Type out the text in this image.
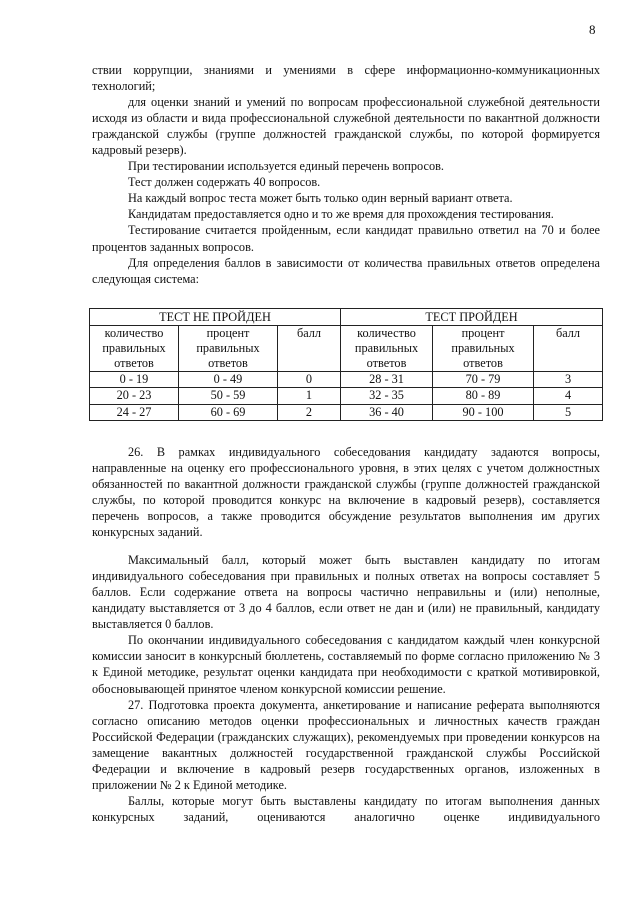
8

ствии коррупции, знаниями и умениями в сфере информационно-коммуникационных технологий;

для оценки знаний и умений по вопросам профессиональной служебной деятельности исходя из области и вида профессиональной служебной деятельности по вакантной должности гражданской службы (группе должностей гражданской службы, по которой формируется кадровый резерв).

При тестировании используется единый перечень вопросов.

Тест должен содержать 40 вопросов.

На каждый вопрос теста может быть только один верный вариант ответа.

Кандидатам предоставляется одно и то же время для прохождения тестирования.

Тестирование считается пройденным, если кандидат правильно ответил на 70 и более процентов заданных вопросов.

Для определения баллов в зависимости от количества правильных ответов определена следующая система:

ТЕСТ НЕ ПРОЙДЕН			ТЕСТ ПРОЙДЕН		
количество правильных ответов	процент правильных ответов	балл	количество правильных ответов	процент правильных ответов	балл
0 - 19	0 - 49	0	28 - 31	70 - 79	3
20 - 23	50 - 59	1	32 - 35	80 - 89	4
24 - 27	60 - 69	2	36 - 40	90 - 100	5

26. В рамках индивидуального собеседования кандидату задаются вопросы, направленные на оценку его профессионального уровня, в этих целях с учетом должностных обязанностей по вакантной должности гражданской службы (группе должностей гражданской службы, по которой проводится конкурс на включение в кадровый резерв), составляется перечень вопросов, а также проводится обсуждение результатов выполнения им других конкурсных заданий.

Максимальный балл, который может быть выставлен кандидату по итогам индивидуального собеседования при правильных и полных ответах на вопросы составляет 5 баллов. Если содержание ответа на вопросы частично неправильны и (или) неполные, кандидату выставляется от 3 до 4 баллов, если ответ не дан и (или) не правильный, кандидату выставляется 0 баллов.

По окончании индивидуального собеседования с кандидатом каждый член конкурсной комиссии заносит в конкурсный бюллетень, составляемый по форме согласно приложению № 3 к Единой методике, результат оценки кандидата при необходимости с краткой мотивировкой, обосновывающей принятое членом конкурсной комиссии решение.

27. Подготовка проекта документа, анкетирование и написание реферата выполняются согласно описанию методов оценки профессиональных и личностных качеств граждан Российской Федерации (гражданских служащих), рекомендуемых при проведении конкурсов на замещение вакантных должностей государственной гражданской службы Российской Федерации и включение в кадровый резерв государственных органов, изложенных в приложении № 2 к Единой методике.

Баллы, которые могут быть выставлены кандидату по итогам выполнения данных конкурсных заданий, оцениваются аналогично оценке индивидуального
